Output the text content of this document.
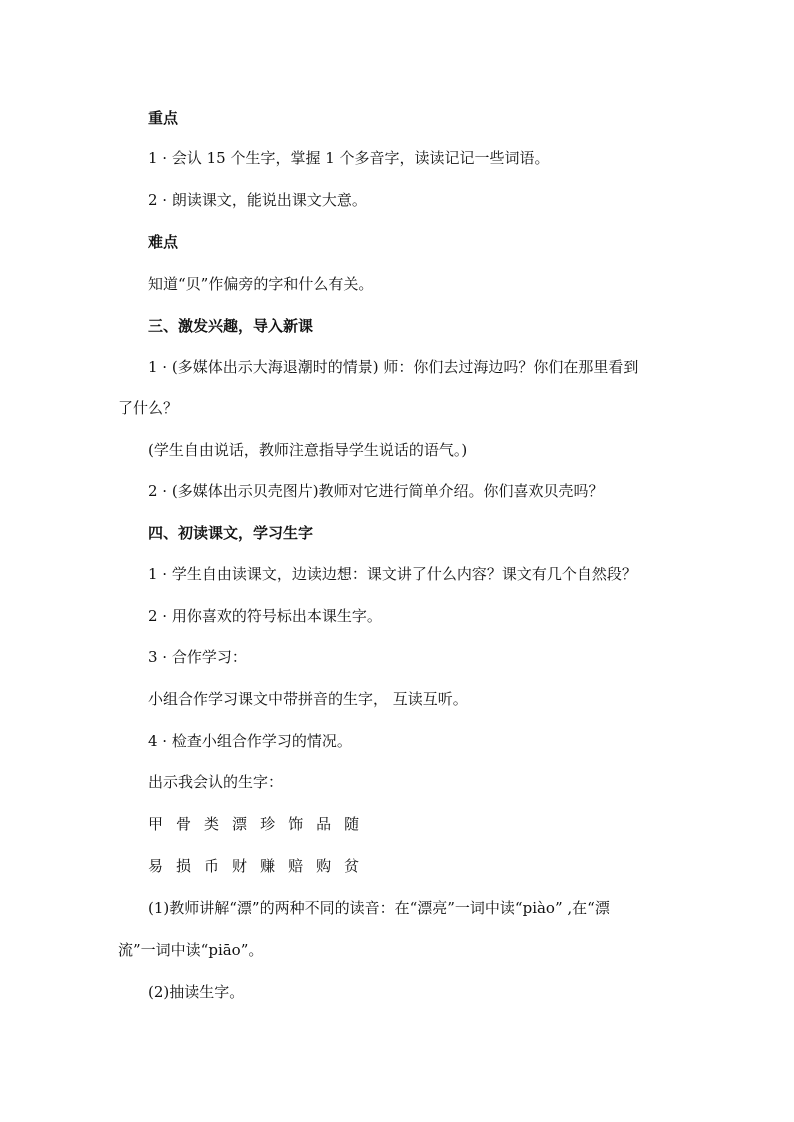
重点
1 · 会认 15 个生字，掌握 1 个多音字，读读记记一些词语。
2 · 朗读课文，能说出课文大意。
难点
知道“贝”作偏旁的字和什么有关。
三、激发兴趣，导入新课
1 · (多媒体出示大海退潮时的情景) 师：你们去过海边吗？你们在那里看到
了什么？
(学生自由说话，教师注意指导学生说话的语气。)
2 · (多媒体出示贝壳图片)教师对它进行简单介绍。你们喜欢贝壳吗？
四、初读课文，学习生字
1 · 学生自由读课文，边读边想：课文讲了什么内容？课文有几个自然段？
2 · 用你喜欢的符号标出本课生字。
3 · 合作学习：
小组合作学习课文中带拼音的生字， 互读互听。
4 · 检查小组合作学习的情况。
出示我会认的生字：
甲 骨 类 漂 珍 饰 品 随
易 损 币 财 赚 赔 购 贫
(1)教师讲解“漂”的两种不同的读音：在“漂亮”一词中读“piào” ,在“漂
流”一词中读“piāo”。
(2)抽读生字。
